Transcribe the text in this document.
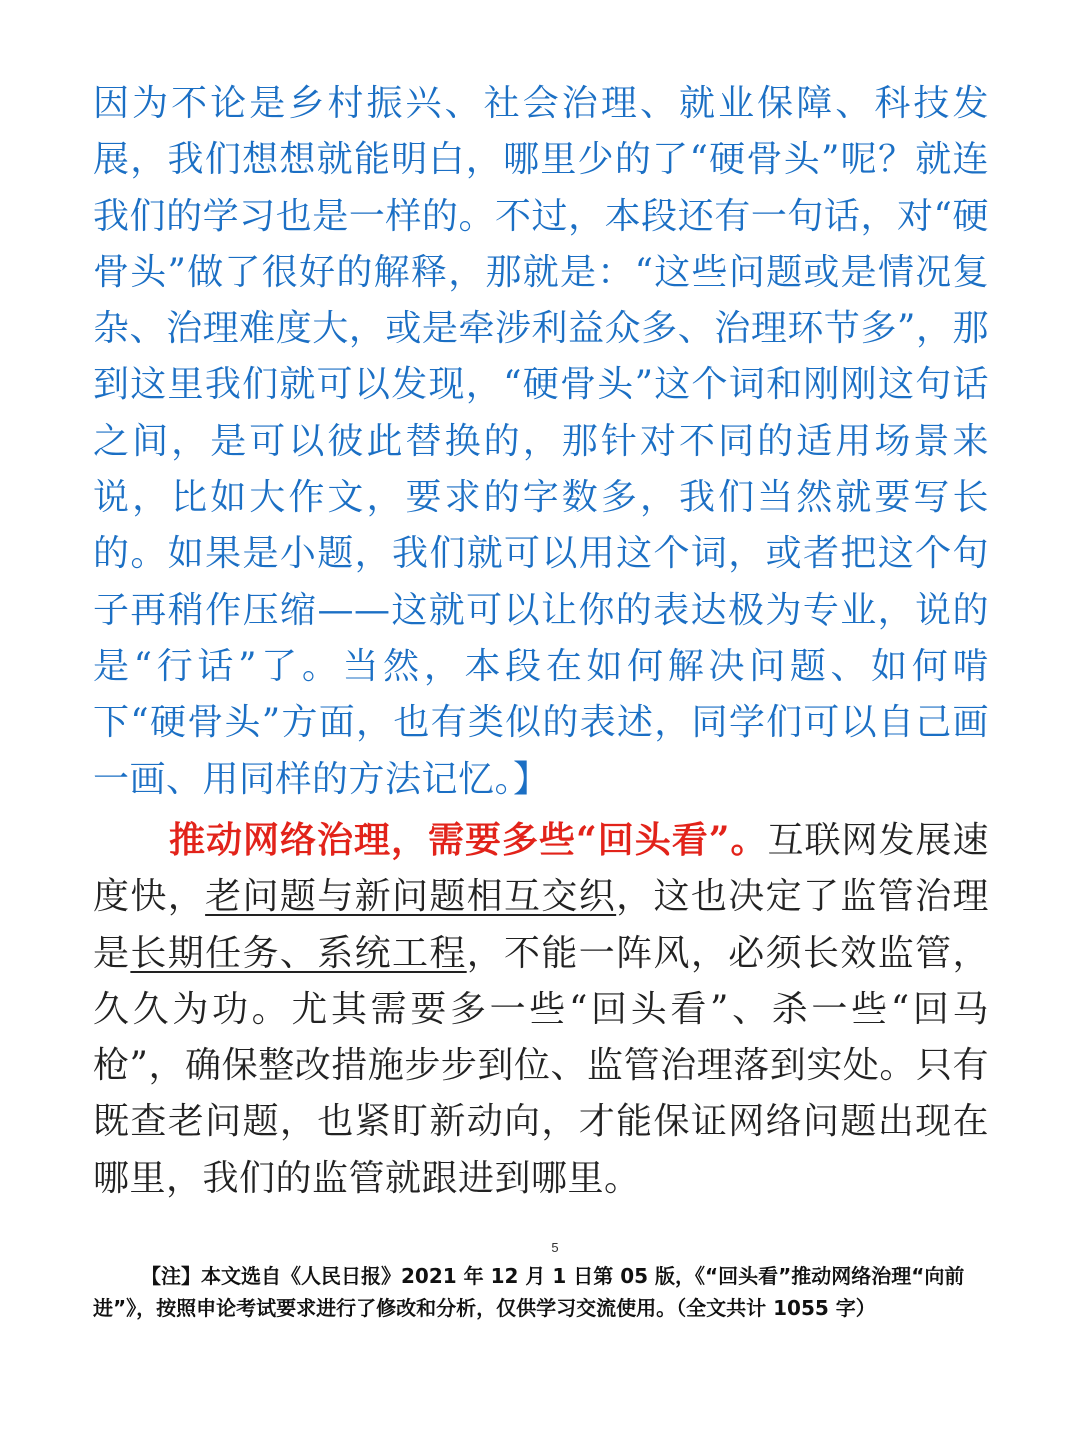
因为不论是乡村振兴、社会治理、就业保障、科技发展，我们想想就能明白，哪里少的了“硬骨头”呢？就连我们的学习也是一样的。不过，本段还有一句话，对“硬骨头”做了很好的解释，那就是：“这些问题或是情况复杂、治理难度大，或是牵涉利益众多、治理环节多”，那到这里我们就可以发现，“硬骨头”这个词和刚刚这句话之间，是可以彼此替换的，那针对不同的适用场景来说，比如大作文，要求的字数多，我们当然就要写长的。如果是小题，我们就可以用这个词，或者把这个句子再稍作压缩——这就可以让你的表达极为专业，说的是“行话”了。当然，本段在如何解决问题、如何啃下“硬骨头”方面，也有类似的表述，同学们可以自己画一画、用同样的方法记忆。】
推动网络治理，需要多些“回头看”。互联网发展速度快，老问题与新问题相互交织，这也决定了监管治理是长期任务、系统工程，不能一阵风，必须长效监管，久久为功。尤其需要多一些“回头看”、杀一些“回马枪”，确保整改措施步步到位、监管治理落到实处。只有既查老问题，也紧盯新动向，才能保证网络问题出现在哪里，我们的监管就跟进到哪里。
5
【注】本文选自《人民日报》2021 年 12 月 1 日第 05 版，《“回头看”推动网络治理“向前进”》，按照申论考试要求进行了修改和分析，仅供学习交流使用。（全文共计 1055 字）
